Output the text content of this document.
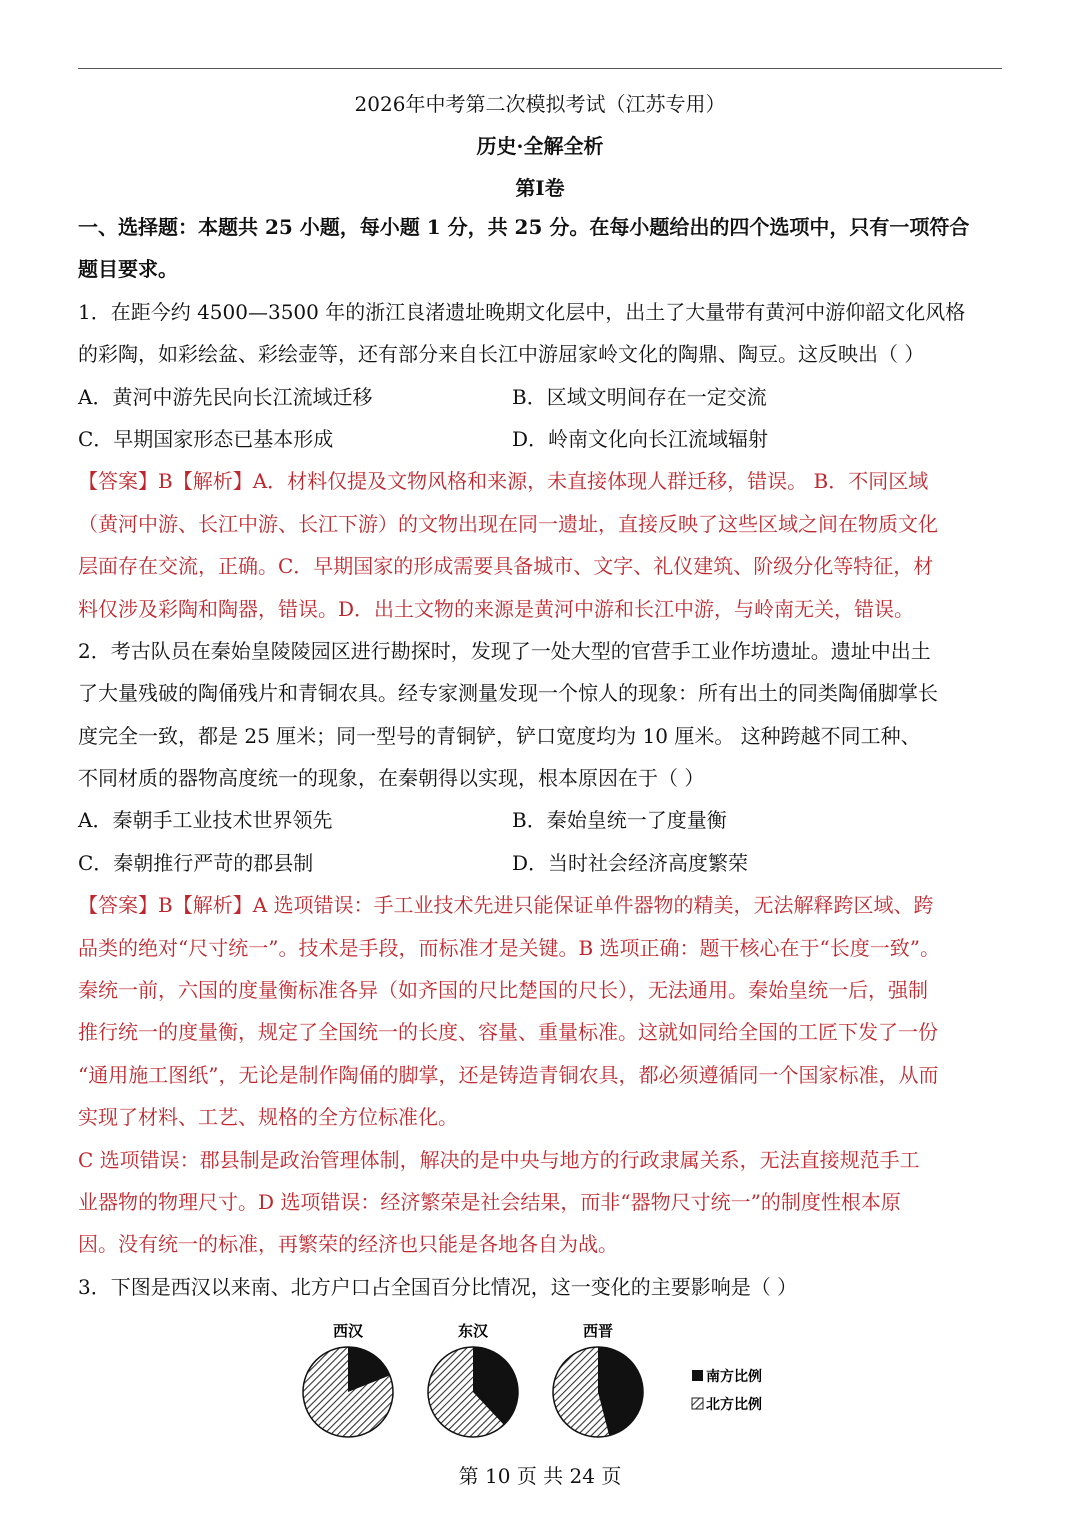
2026年中考第二次模拟考试（江苏专用）
历史·全解全析
第Ⅰ卷
一、选择题：本题共 25 小题，每小题 1 分，共 25 分。在每小题给出的四个选项中，只有一项符合
题目要求。
1．在距今约 4500—3500 年的浙江良渚遗址晚期文化层中，出土了大量带有黄河中游仰韶文化风格
的彩陶，如彩绘盆、彩绘壶等，还有部分来自长江中游屈家岭文化的陶鼎、陶豆。这反映出（ ）
A．黄河中游先民向长江流域迁移	B．区域文明间存在一定交流
C．早期国家形态已基本形成	D．岭南文化向长江流域辐射
【答案】B【解析】A．材料仅提及文物风格和来源，未直接体现人群迁移，错误。 B．不同区域
（黄河中游、长江中游、长江下游）的文物出现在同一遗址，直接反映了这些区域之间在物质文化
层面存在交流，正确。C．早期国家的形成需要具备城市、文字、礼仪建筑、阶级分化等特征，材
料仅涉及彩陶和陶器，错误。D．出土文物的来源是黄河中游和长江中游，与岭南无关，错误。
2．考古队员在秦始皇陵陵园区进行勘探时，发现了一处大型的官营手工业作坊遗址。遗址中出土
了大量残破的陶俑残片和青铜农具。经专家测量发现一个惊人的现象：所有出土的同类陶俑脚掌长
度完全一致，都是 25 厘米；同一型号的青铜铲，铲口宽度均为 10 厘米。 这种跨越不同工种、
不同材质的器物高度统一的现象，在秦朝得以实现，根本原因在于（ ）
A．秦朝手工业技术世界领先	B．秦始皇统一了度量衡
C．秦朝推行严苛的郡县制	D．当时社会经济高度繁荣
【答案】B【解析】A 选项错误：手工业技术先进只能保证单件器物的精美，无法解释跨区域、跨
品类的绝对“尺寸统一”。技术是手段，而标准才是关键。B 选项正确：题干核心在于“长度一致”。
秦统一前，六国的度量衡标准各异（如齐国的尺比楚国的尺长），无法通用。秦始皇统一后，强制
推行统一的度量衡，规定了全国统一的长度、容量、重量标准。这就如同给全国的工匠下发了一份
“通用施工图纸”，无论是制作陶俑的脚掌，还是铸造青铜农具，都必须遵循同一个国家标准，从而
实现了材料、工艺、规格的全方位标准化。
C 选项错误：郡县制是政治管理体制，解决的是中央与地方的行政隶属关系，无法直接规范手工
业器物的物理尺寸。D 选项错误：经济繁荣是社会结果，而非“器物尺寸统一”的制度性根本原
因。没有统一的标准，再繁荣的经济也只能是各地各自为战。
3．下图是西汉以来南、北方户口占全国百分比情况，这一变化的主要影响是（ ）
西汉	东汉	西晋
南方比例
北方比例
第 10 页 共 24 页
